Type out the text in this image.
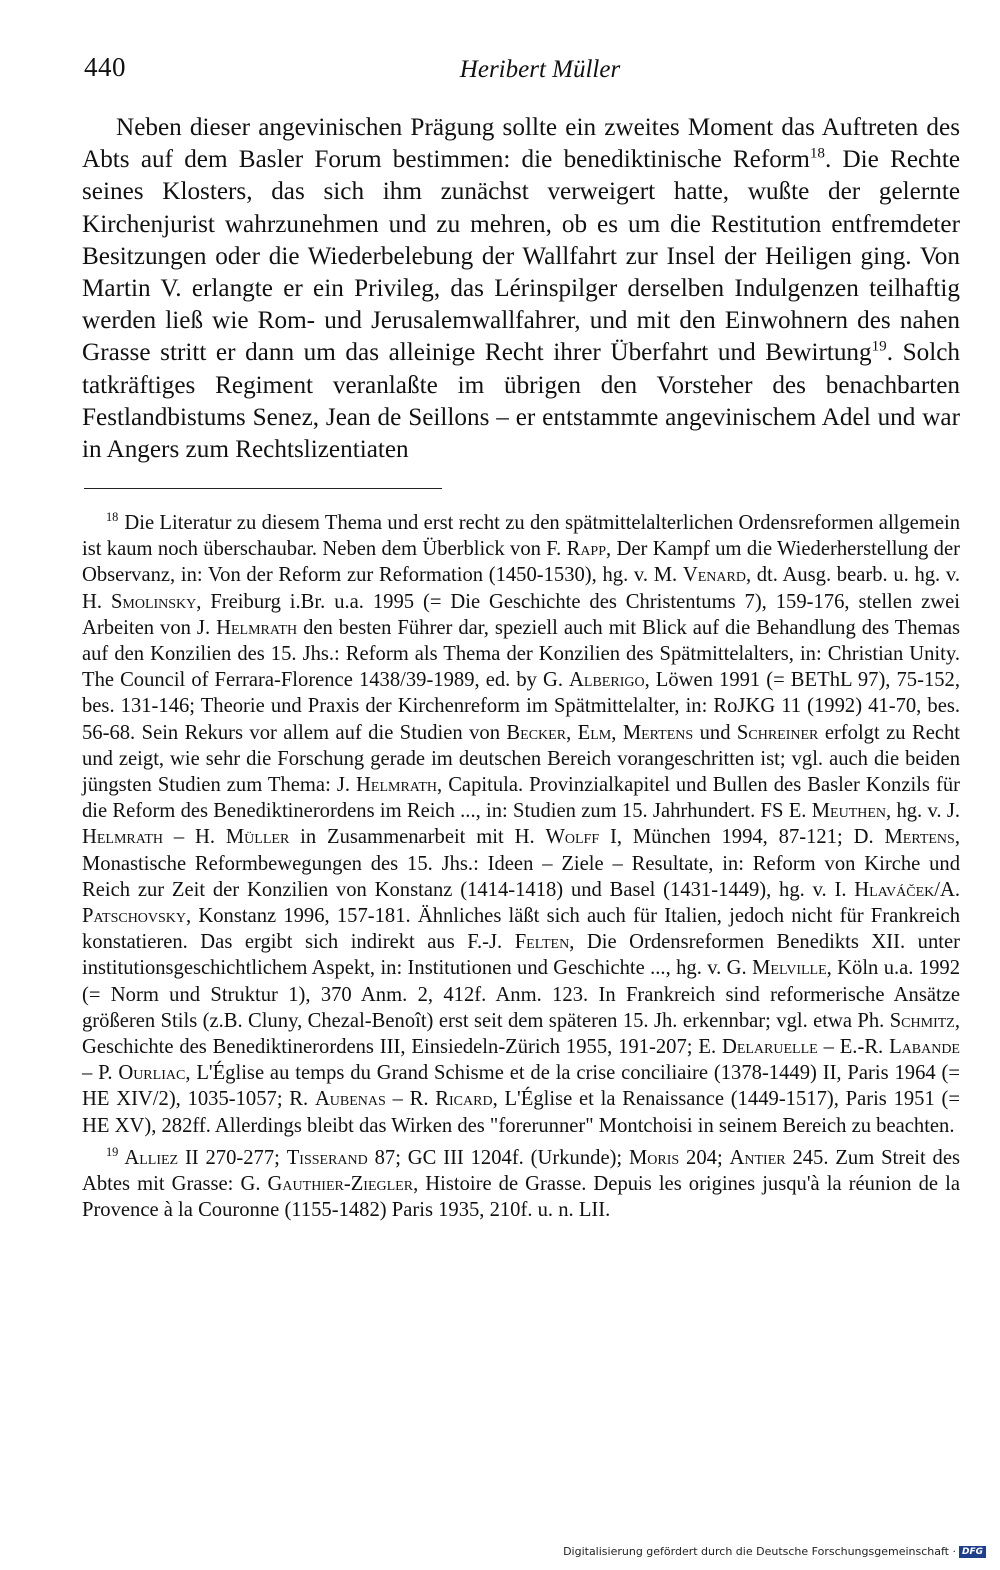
440	Heribert Müller

Neben dieser angevinischen Prägung sollte ein zweites Moment das Auftreten des Abts auf dem Basler Forum bestimmen: die benediktinische Reform$^{18}$. Die Rechte seines Klosters, das sich ihm zunächst verweigert hatte, wußte der gelernte Kirchenjurist wahrzunehmen und zu mehren, ob es um die Restitution entfremdeter Besitzungen oder die Wiederbelebung der Wallfahrt zur Insel der Heiligen ging. Von Martin V. erlangte er ein Privileg, das Lérinspilger derselben Indulgenzen teilhaftig werden ließ wie Rom- und Jerusalemwallfahrer, und mit den Einwohnern des nahen Grasse stritt er dann um das alleinige Recht ihrer Überfahrt und Bewirtung$^{19}$. Solch tatkräftiges Regiment veranlaßte im übrigen den Vorsteher des benachbarten Festlandbistums Senez, Jean de Seillons – er entstammte angevinischem Adel und war in Angers zum Rechtslizentiaten

$^{18}$ Die Literatur zu diesem Thema und erst recht zu den spätmittelalterlichen Ordensreformen allgemein ist kaum noch überschaubar. Neben dem Überblick von F. Rapp, Der Kampf um die Wiederherstellung der Observanz, in: Von der Reform zur Reformation (1450-1530), hg. v. M. Venard, dt. Ausg. bearb. u. hg. v. H. Smolinsky, Freiburg i.Br. u.a. 1995 (= Die Geschichte des Christentums 7), 159-176, stellen zwei Arbeiten von J. Helmrath den besten Führer dar, speziell auch mit Blick auf die Behandlung des Themas auf den Konzilien des 15. Jhs.: Reform als Thema der Konzilien des Spätmittelalters, in: Christian Unity. The Council of Ferrara-Florence 1438/39-1989, ed. by G. Alberigo, Löwen 1991 (= BEThL 97), 75-152, bes. 131-146; Theorie und Praxis der Kirchenreform im Spätmittelalter, in: RoJKG 11 (1992) 41-70, bes. 56-68. Sein Rekurs vor allem auf die Studien von Becker, Elm, Mertens und Schreiner erfolgt zu Recht und zeigt, wie sehr die Forschung gerade im deutschen Bereich vorangeschritten ist; vgl. auch die beiden jüngsten Studien zum Thema: J. Helmrath, Capitula. Provinzialkapitel und Bullen des Basler Konzils für die Reform des Benediktinerordens im Reich ..., in: Studien zum 15. Jahrhundert. FS E. Meuthen, hg. v. J. Helmrath – H. Müller in Zusammenarbeit mit H. Wolff I, München 1994, 87-121; D. Mertens, Monastische Reformbewegungen des 15. Jhs.: Ideen – Ziele – Resultate, in: Reform von Kirche und Reich zur Zeit der Konzilien von Konstanz (1414-1418) und Basel (1431-1449), hg. v. I. Hlaváček/A. Patschovsky, Konstanz 1996, 157-181. Ähnliches läßt sich auch für Italien, jedoch nicht für Frankreich konstatieren. Das ergibt sich indirekt aus F.-J. Felten, Die Ordensreformen Benedikts XII. unter institutionsgeschichtlichem Aspekt, in: Institutionen und Geschichte ..., hg. v. G. Melville, Köln u.a. 1992 (= Norm und Struktur 1), 370 Anm. 2, 412f. Anm. 123. In Frankreich sind reformerische Ansätze größeren Stils (z.B. Cluny, Chezal-Benoît) erst seit dem späteren 15. Jh. erkennbar; vgl. etwa Ph. Schmitz, Geschichte des Benediktinerordens III, Einsiedeln-Zürich 1955, 191-207; E. Delaruelle – E.-R. Labande – P. Ourliac, L'Église au temps du Grand Schisme et de la crise conciliaire (1378-1449) II, Paris 1964 (= HE XIV/2), 1035-1057; R. Aubenas – R. Ricard, L'Église et la Renaissance (1449-1517), Paris 1951 (= HE XV), 282ff. Allerdings bleibt das Wirken des "forerunner" Montchoisi in seinem Bereich zu beachten.

$^{19}$ Alliez II 270-277; Tisserand 87; GC III 1204f. (Urkunde); Moris 204; Antier 245. Zum Streit des Abtes mit Grasse: G. Gauthier-Ziegler, Histoire de Grasse. Depuis les origines jusqu'à la réunion de la Provence à la Couronne (1155-1482) Paris 1935, 210f. u. n. LII.

Digitalisierung gefördert durch die Deutsche Forschungsgemeinschaft · DFG
